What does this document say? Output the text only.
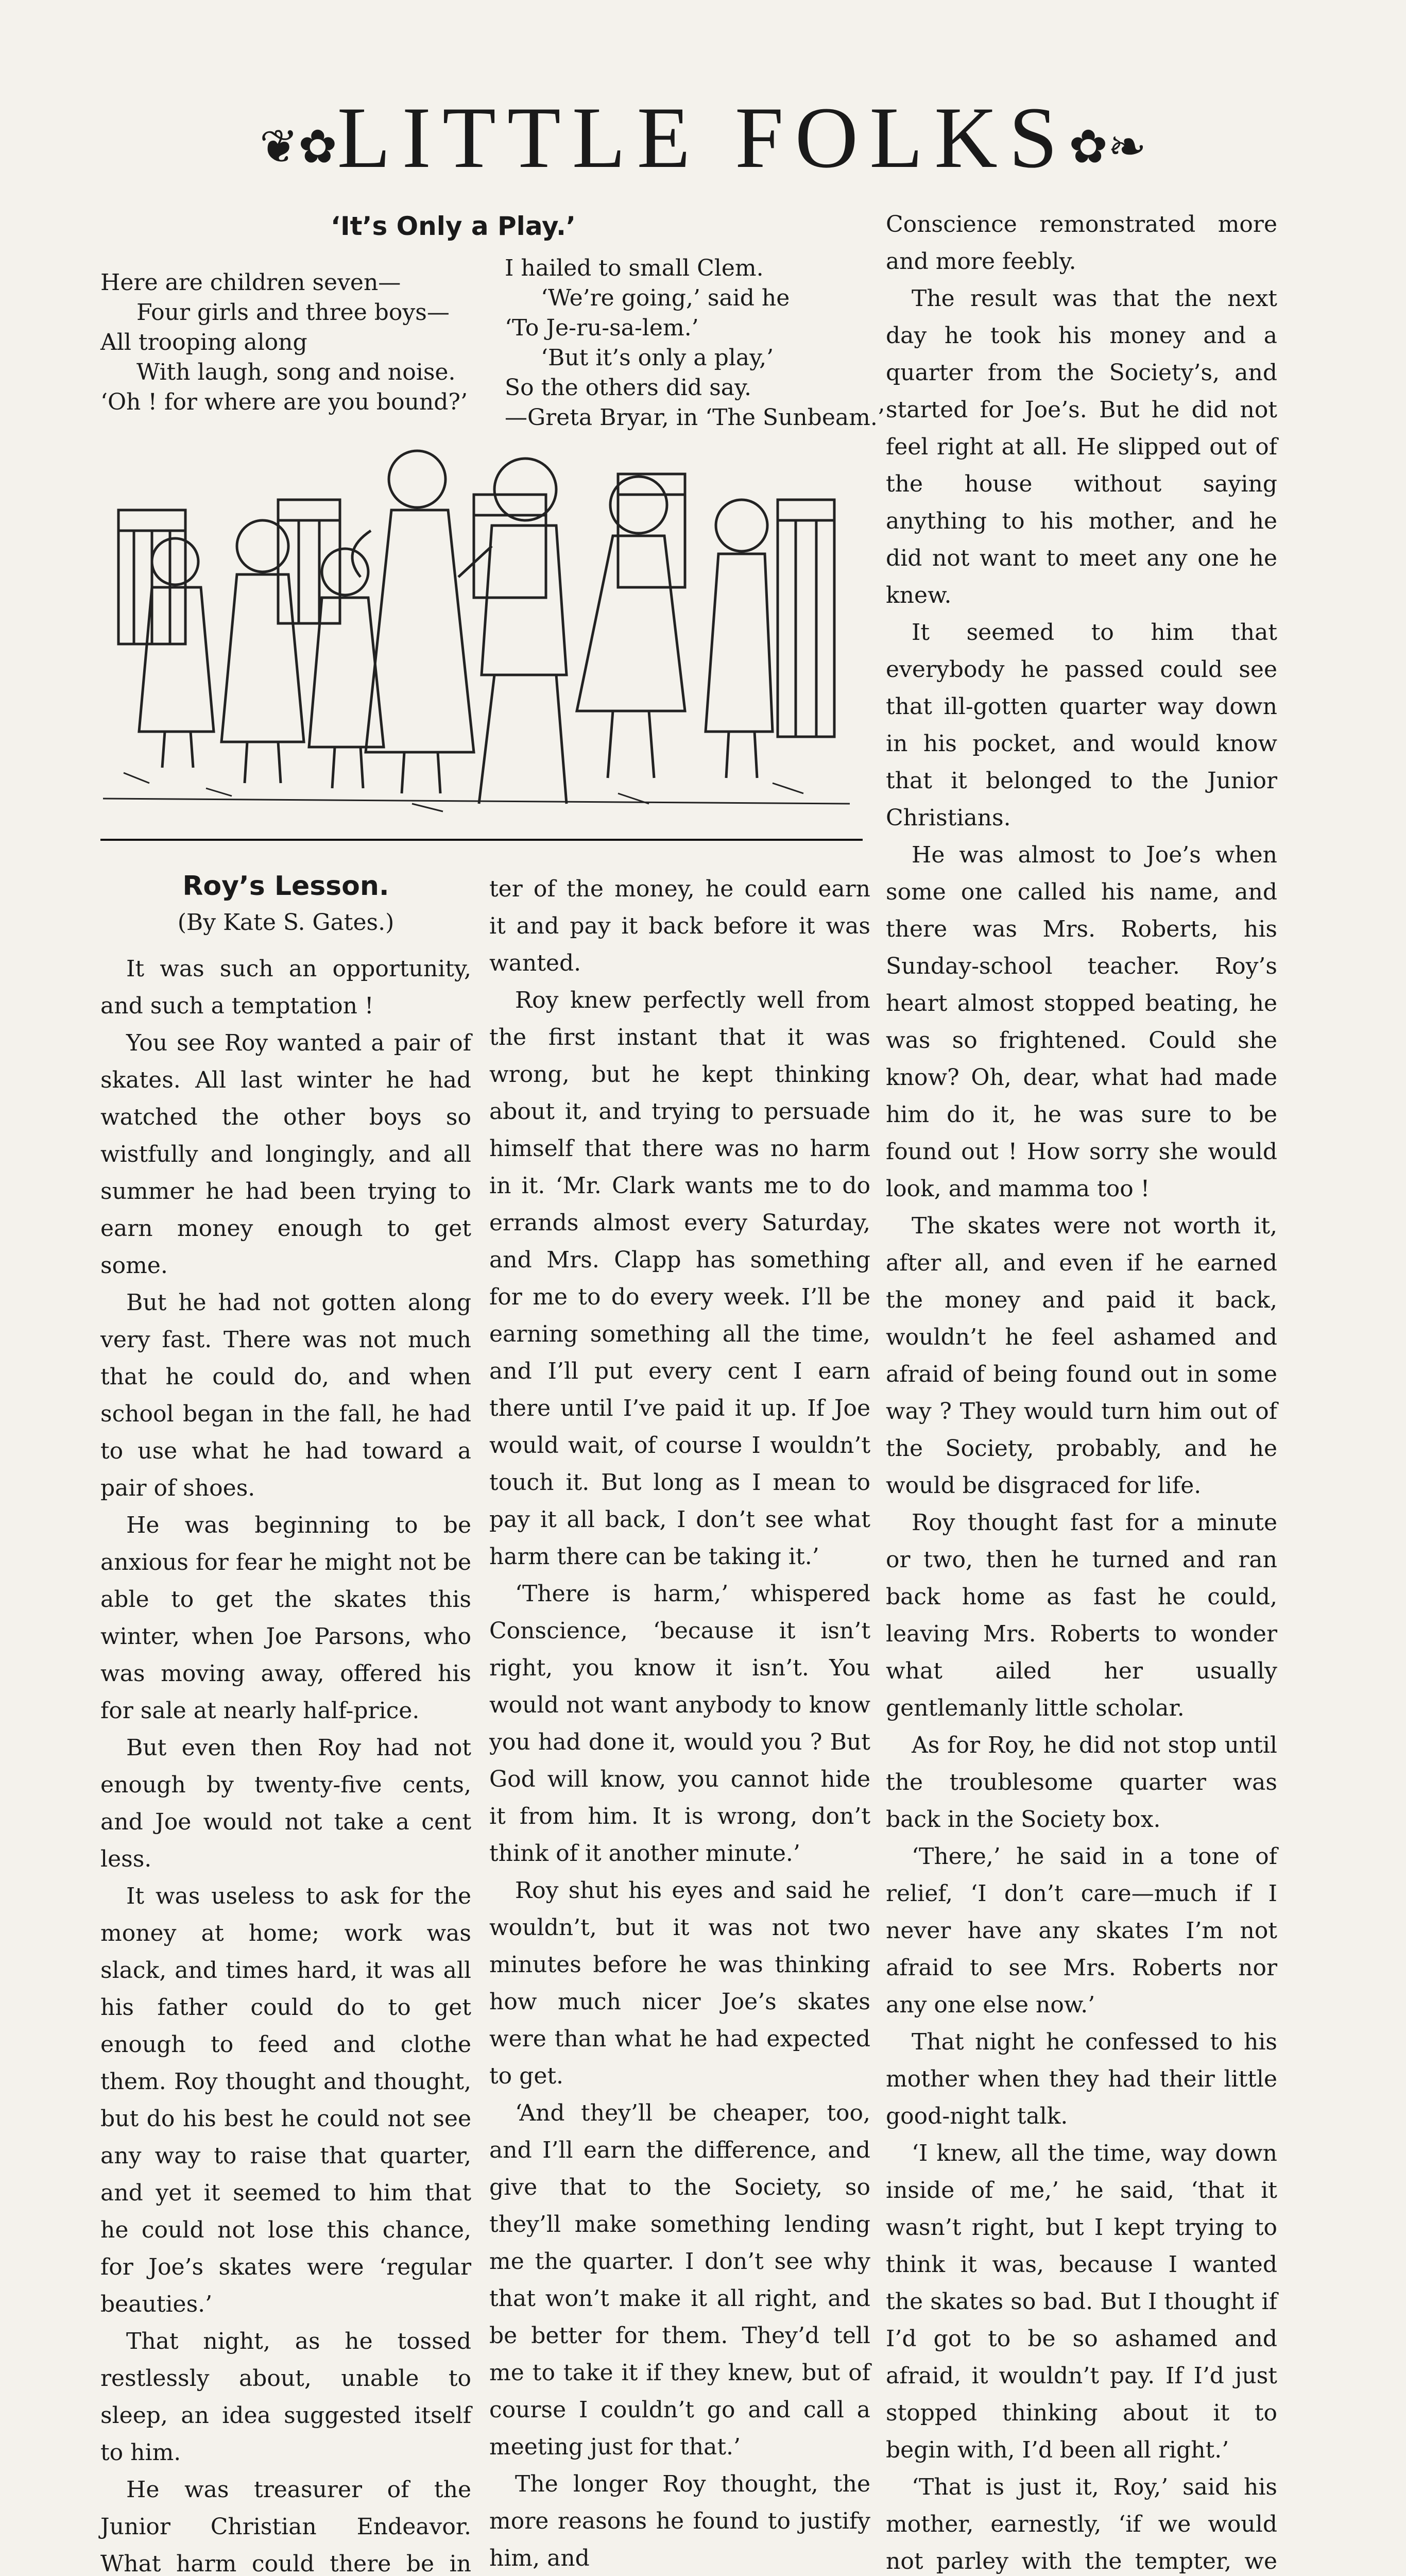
❦✿LITTLE FOLKS✿❧
‘It’s Only a Play.’
Here are children seven—
Four girls and three boys—
All trooping along
With laugh, song and noise.
‘Oh ! for where are you bound?’
I hailed to small Clem.
‘We’re going,’ said he
‘To Je-ru-sa-lem.’
‘But it’s only a play,’
So the others did say.
—Greta Bryar, in ‘The Sunbeam.’
Roy’s Lesson.
(By Kate S. Gates.)

It was such an opportunity, and such a temptation !

You see Roy wanted a pair of skates. All last winter he had watched the other boys so wistfully and longingly, and all summer he had been trying to earn money enough to get some.

But he had not gotten along very fast. There was not much that he could do, and when school began in the fall, he had to use what he had toward a pair of shoes.

He was beginning to be anxious for fear he might not be able to get the skates this winter, when Joe Parsons, who was moving away, offered his for sale at nearly half-price.

But even then Roy had not enough by twenty-five cents, and Joe would not take a cent less.

It was useless to ask for the money at home; work was slack, and times hard, it was all his father could do to get enough to feed and clothe them. Roy thought and thought, but do his best he could not see any way to raise that quarter, and yet it seemed to him that he could not lose this chance, for Joe’s skates were ‘regular beauties.’

That night, as he tossed restlessly about, unable to sleep, an idea suggested itself to him.

He was treasurer of the Junior Christian Endeavor. What harm could there be in

ter of the money, he could earn it and pay it back before it was wanted.

Roy knew perfectly well from the first instant that it was wrong, but he kept thinking about it, and trying to persuade himself that there was no harm in it. ‘Mr. Clark wants me to do errands almost every Saturday, and Mrs. Clapp has something for me to do every week. I’ll be earning something all the time, and I’ll put every cent I earn there until I’ve paid it up. If Joe would wait, of course I wouldn’t touch it. But long as I mean to pay it all back, I don’t see what harm there can be taking it.’

‘There is harm,’ whispered Conscience, ‘because it isn’t right, you know it isn’t. You would not want anybody to know you had done it, would you ? But God will know, you cannot hide it from him. It is wrong, don’t think of it another minute.’

Roy shut his eyes and said he wouldn’t, but it was not two minutes before he was thinking how much nicer Joe’s skates were than what he had expected to get.

‘And they’ll be cheaper, too, and I’ll earn the difference, and give that to the Society, so they’ll make something lending me the quarter. I don’t see why that won’t make it all right, and be better for them. They’d tell me to take it if they knew, but of course I couldn’t go and call a meeting just for that.’

The longer Roy thought, the more reasons he found to justify him, and

Conscience remonstrated more and more feebly.

The result was that the next day he took his money and a quarter from the Society’s, and started for Joe’s. But he did not feel right at all. He slipped out of the house without saying anything to his mother, and he did not want to meet any one he knew.

It seemed to him that everybody he passed could see that ill-gotten quarter way down in his pocket, and would know that it belonged to the Junior Christians.

He was almost to Joe’s when some one called his name, and there was Mrs. Roberts, his Sunday-school teacher. Roy’s heart almost stopped beating, he was so frightened. Could she know? Oh, dear, what had made him do it, he was sure to be found out ! How sorry she would look, and mamma too !

The skates were not worth it, after all, and even if he earned the money and paid it back, wouldn’t he feel ashamed and afraid of being found out in some way ? They would turn him out of the Society, probably, and he would be disgraced for life.

Roy thought fast for a minute or two, then he turned and ran back home as fast he could, leaving Mrs. Roberts to wonder what ailed her usually gentlemanly little scholar.

As for Roy, he did not stop until the troublesome quarter was back in the Society box.

‘There,’ he said in a tone of relief, ‘I don’t care—much if I never have any skates I’m not afraid to see Mrs. Roberts nor any one else now.’

That night he confessed to his mother when they had their little good-night talk.

‘I knew, all the time, way down inside of me,’ he said, ‘that it wasn’t right, but I kept trying to think it was, because I wanted the skates so bad. But I thought if I’d got to be so ashamed and afraid, it wouldn’t pay. If I’d just stopped thinking about it to begin with, I’d been all right.’

‘That is just it, Roy,’ said his mother, earnestly, ‘if we would not parley with the tempter, we
